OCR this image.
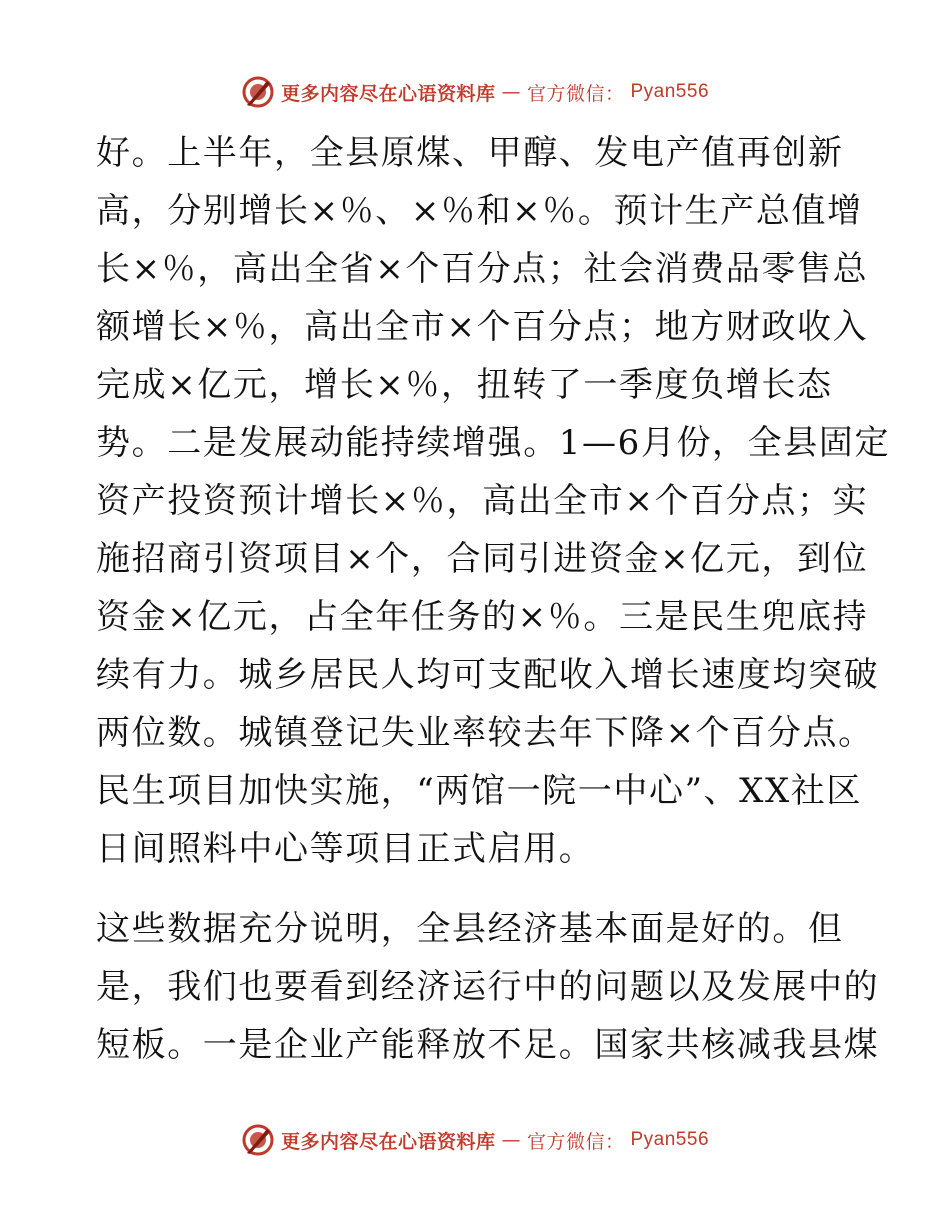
更多内容尽在心语资料库 — 官方微信： Pyan556
好。上半年，全县原煤、甲醇、发电产值再创新
高，分别增长×％、×％和×％。预计生产总值增
长×％，高出全省×个百分点；社会消费品零售总
额增长×％，高出全市×个百分点；地方财政收入
完成×亿元，增长×％，扭转了一季度负增长态
势。二是发展动能持续增强。1—6月份，全县固定
资产投资预计增长×％，高出全市×个百分点；实
施招商引资项目×个，合同引进资金×亿元，到位
资金×亿元，占全年任务的×％。三是民生兜底持
续有力。城乡居民人均可支配收入增长速度均突破
两位数。城镇登记失业率较去年下降×个百分点。
民生项目加快实施，“两馆一院一中心”、XX社区
日间照料中心等项目正式启用。
这些数据充分说明，全县经济基本面是好的。但
是，我们也要看到经济运行中的问题以及发展中的
短板。一是企业产能释放不足。国家共核减我县煤
更多内容尽在心语资料库 — 官方微信： Pyan556
